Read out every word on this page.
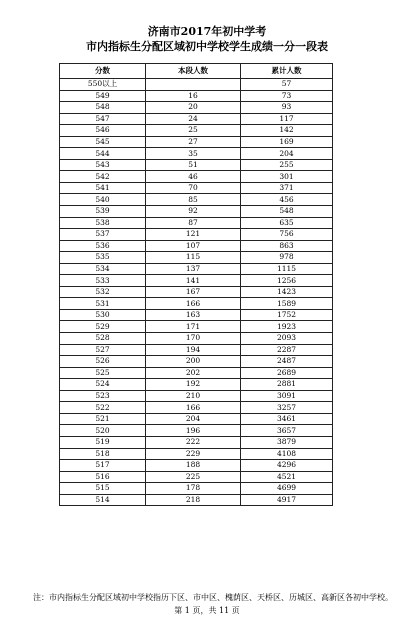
济南市2017年初中学考
市内指标生分配区域初中学校学生成绩一分一段表
分数	本段人数	累计人数
550以上		57
549	16	73
548	20	93
547	24	117
546	25	142
545	27	169
544	35	204
543	51	255
542	46	301
541	70	371
540	85	456
539	92	548
538	87	635
537	121	756
536	107	863
535	115	978
534	137	1115
533	141	1256
532	167	1423
531	166	1589
530	163	1752
529	171	1923
528	170	2093
527	194	2287
526	200	2487
525	202	2689
524	192	2881
523	210	3091
522	166	3257
521	204	3461
520	196	3657
519	222	3879
518	229	4108
517	188	4296
516	225	4521
515	178	4699
514	218	4917
注：市内指标生分配区域初中学校指历下区、市中区、槐荫区、天桥区、历城区、高新区各初中学校。
第 1 页，共 11 页
